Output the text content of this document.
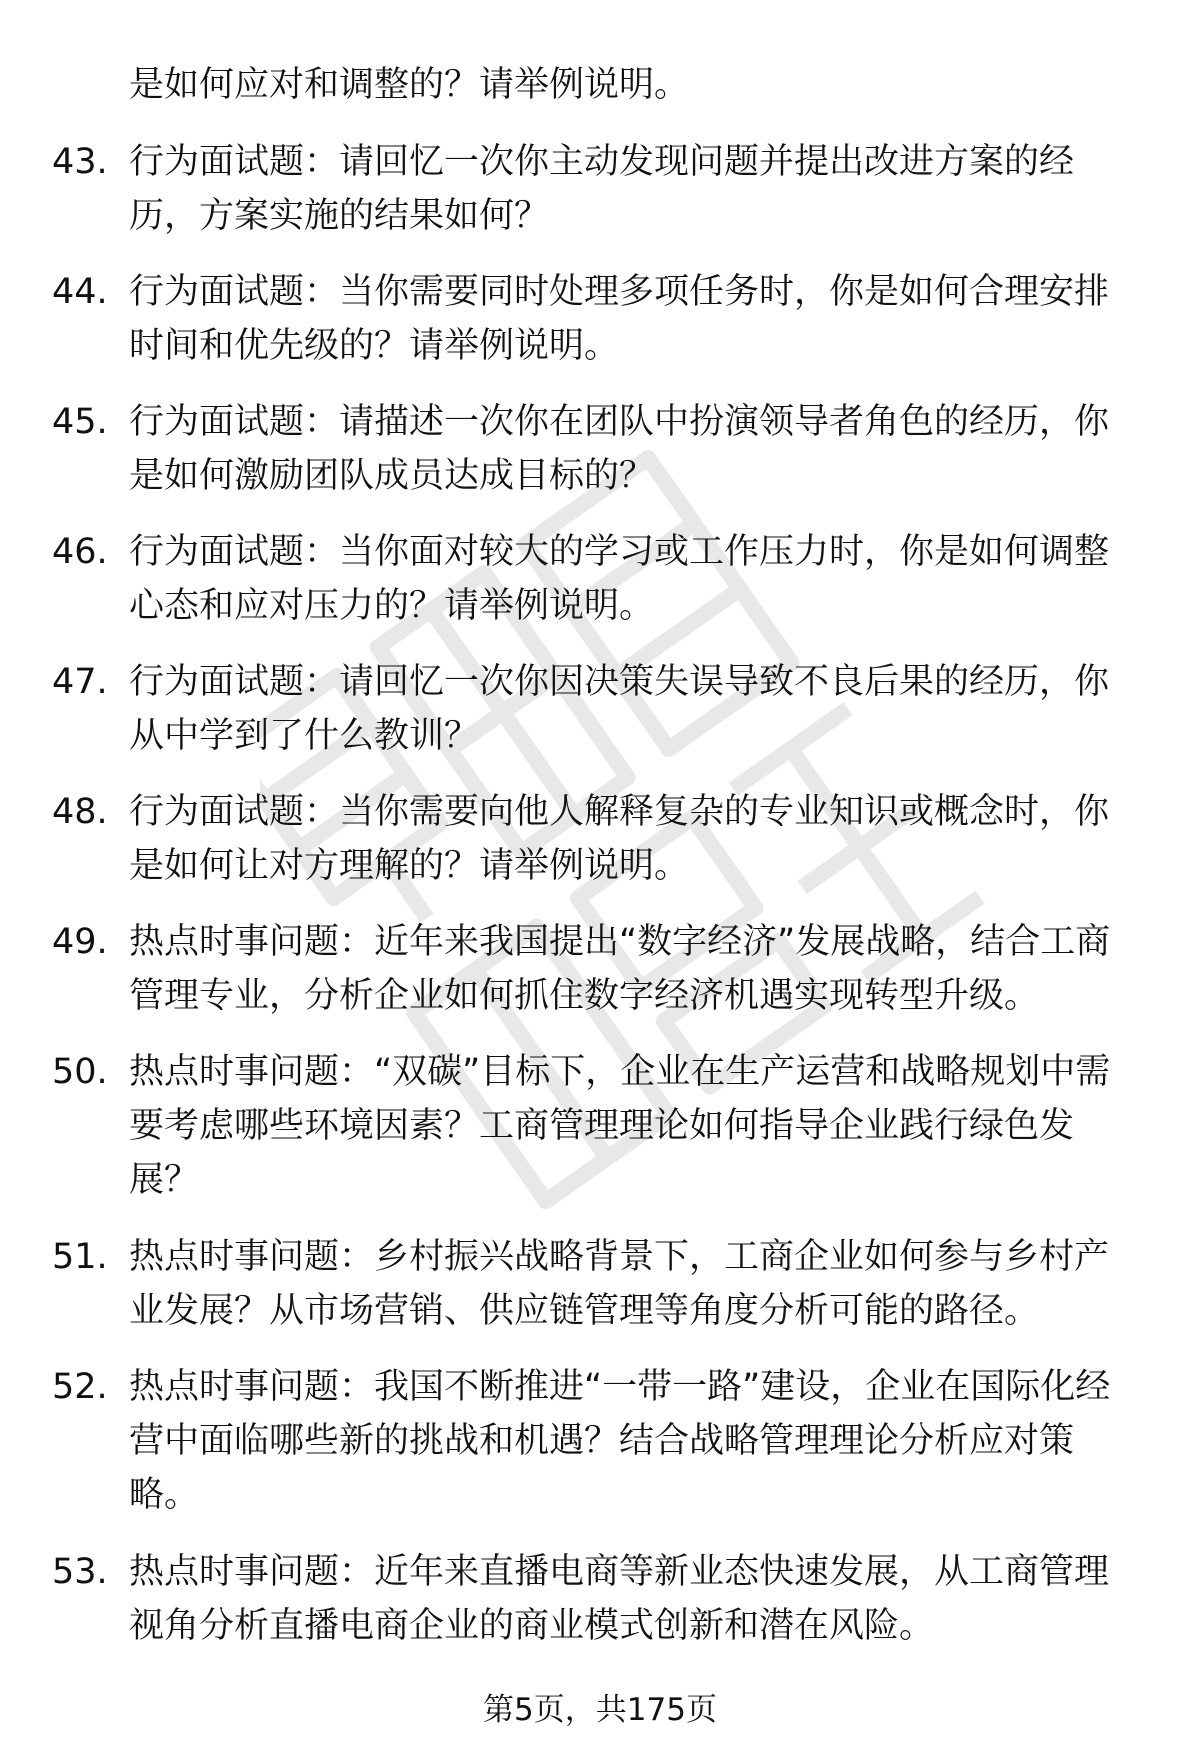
是如何应对和调整的？请举例说明。
43. 行为面试题：请回忆一次你主动发现问题并提出改进方案的经历，方案实施的结果如何？
44. 行为面试题：当你需要同时处理多项任务时，你是如何合理安排时间和优先级的？请举例说明。
45. 行为面试题：请描述一次你在团队中扮演领导者角色的经历，你是如何激励团队成员达成目标的？
46. 行为面试题：当你面对较大的学习或工作压力时，你是如何调整心态和应对压力的？请举例说明。
47. 行为面试题：请回忆一次你因决策失误导致不良后果的经历，你从中学到了什么教训？
48. 行为面试题：当你需要向他人解释复杂的专业知识或概念时，你是如何让对方理解的？请举例说明。
49. 热点时事问题：近年来我国提出“数字经济”发展战略，结合工商管理专业，分析企业如何抓住数字经济机遇实现转型升级。
50. 热点时事问题：“双碳”目标下，企业在生产运营和战略规划中需要考虑哪些环境因素？工商管理理论如何指导企业践行绿色发展？
51. 热点时事问题：乡村振兴战略背景下，工商企业如何参与乡村产业发展？从市场营销、供应链管理等角度分析可能的路径。
52. 热点时事问题：我国不断推进“一带一路”建设，企业在国际化经营中面临哪些新的挑战和机遇？结合战略管理理论分析应对策略。
53. 热点时事问题：近年来直播电商等新业态快速发展，从工商管理视角分析直播电商企业的商业模式创新和潜在风险。
第5页，共175页
